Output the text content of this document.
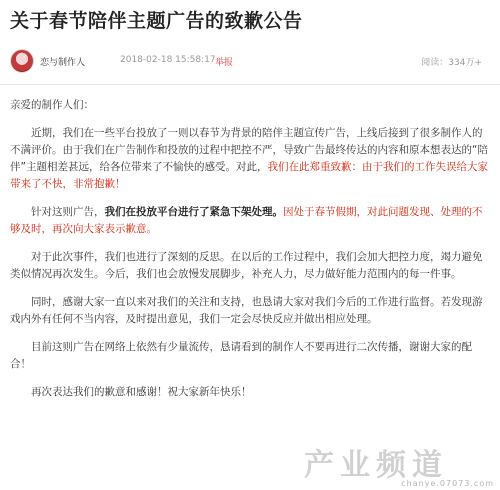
关于春节陪伴主题广告的致歉公告
恋与制作人	2018-02-18 15:58:17 举报	阅读：334万+

亲爱的制作人们：

近期，我们在一些平台投放了一则以春节为背景的陪伴主题宣传广告，上线后接到了很多制作人的不满评价。由于我们在广告制作和投放的过程中把控不严，导致广告最终传达的内容和原本想表达的“陪伴”主题相差甚远，给各位带来了不愉快的感受。对此，我们在此郑重致歉：由于我们的工作失误给大家带来了不快，非常抱歉！

针对这则广告，我们在投放平台进行了紧急下架处理。因处于春节假期，对此问题发现、处理的不够及时，再次向大家表示歉意。

对于此次事件，我们也进行了深刻的反思。在以后的工作过程中，我们会加大把控力度，竭力避免类似情况再次发生。今后，我们也会放慢发展脚步，补充人力，尽力做好能力范围内的每一件事。

同时，感谢大家一直以来对我们的关注和支持，也恳请大家对我们今后的工作进行监督。若发现游戏内外有任何不当内容，及时提出意见，我们一定会尽快反应并做出相应处理。

目前这则广告在网络上依然有少量流传，恳请看到的制作人不要再进行二次传播，谢谢大家的配合！

再次表达我们的歉意和感谢！祝大家新年快乐！

产业频道
chanye.07073.com
